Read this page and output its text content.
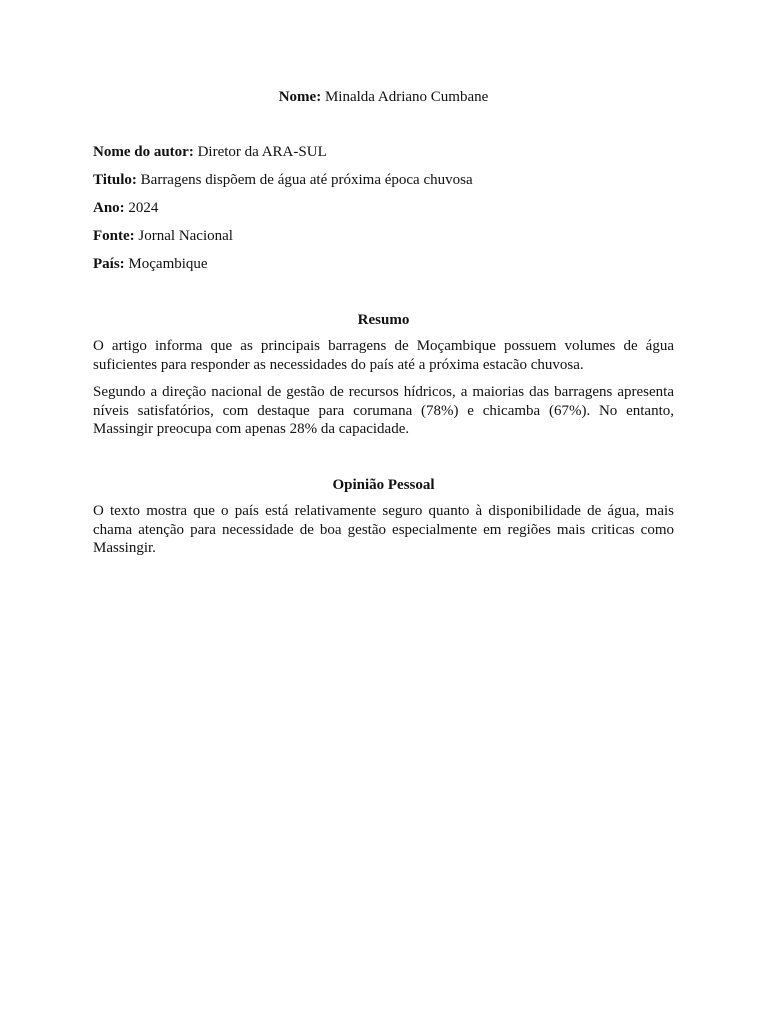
Nome: Minalda Adriano Cumbane
Nome do autor: Diretor da ARA-SUL
Titulo: Barragens dispõem de água até próxima época chuvosa
Ano: 2024
Fonte: Jornal Nacional
País: Moçambique
Resumo
O artigo informa que as principais barragens de Moçambique possuem volumes de água suficientes para responder as necessidades do país até a próxima estacão chuvosa.
Segundo a direção nacional de gestão de recursos hídricos, a maiorias das barragens apresenta níveis satisfatórios, com destaque para corumana (78%) e chicamba (67%). No entanto, Massingir preocupa com apenas 28% da capacidade.
Opinião Pessoal
O texto mostra que o país está relativamente seguro quanto à disponibilidade de água, mais chama atenção para necessidade de boa gestão especialmente em regiões mais criticas como Massingir.
